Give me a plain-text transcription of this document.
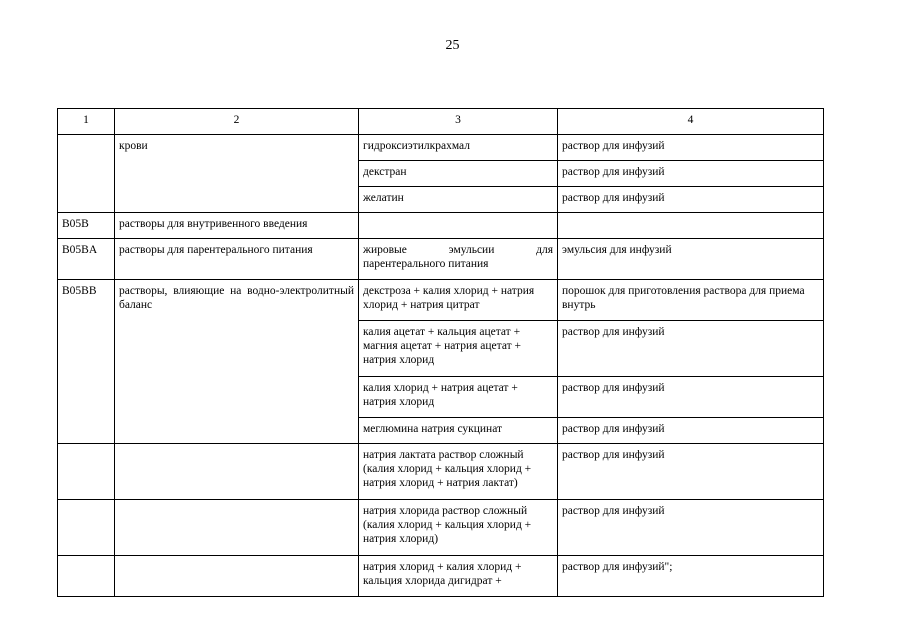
25
1	2	3	4
	крови	гидроксиэтилкрахмал	раствор для инфузий
		декстран	раствор для инфузий
		желатин	раствор для инфузий
B05B	растворы для внутривенного введения		
B05BA	растворы для парентерального питания	жировые эмульсии для парентерального питания	эмульсия для инфузий
B05BB	растворы, влияющие на водно-электролитный баланс	декстроза + калия хлорид + натрия хлорид + натрия цитрат	порошок для приготовления раствора для приема внутрь
		калия ацетат + кальция ацетат + магния ацетат + натрия ацетат + натрия хлорид	раствор для инфузий
		калия хлорид + натрия ацетат + натрия хлорид	раствор для инфузий
		меглюмина натрия сукцинат	раствор для инфузий
		натрия лактата раствор сложный (калия хлорид + кальция хлорид + натрия хлорид + натрия лактат)	раствор для инфузий
		натрия хлорида раствор сложный (калия хлорид + кальция хлорид + натрия хлорид)	раствор для инфузий
		натрия хлорид + калия хлорид + кальция хлорида дигидрат +	раствор для инфузий";
